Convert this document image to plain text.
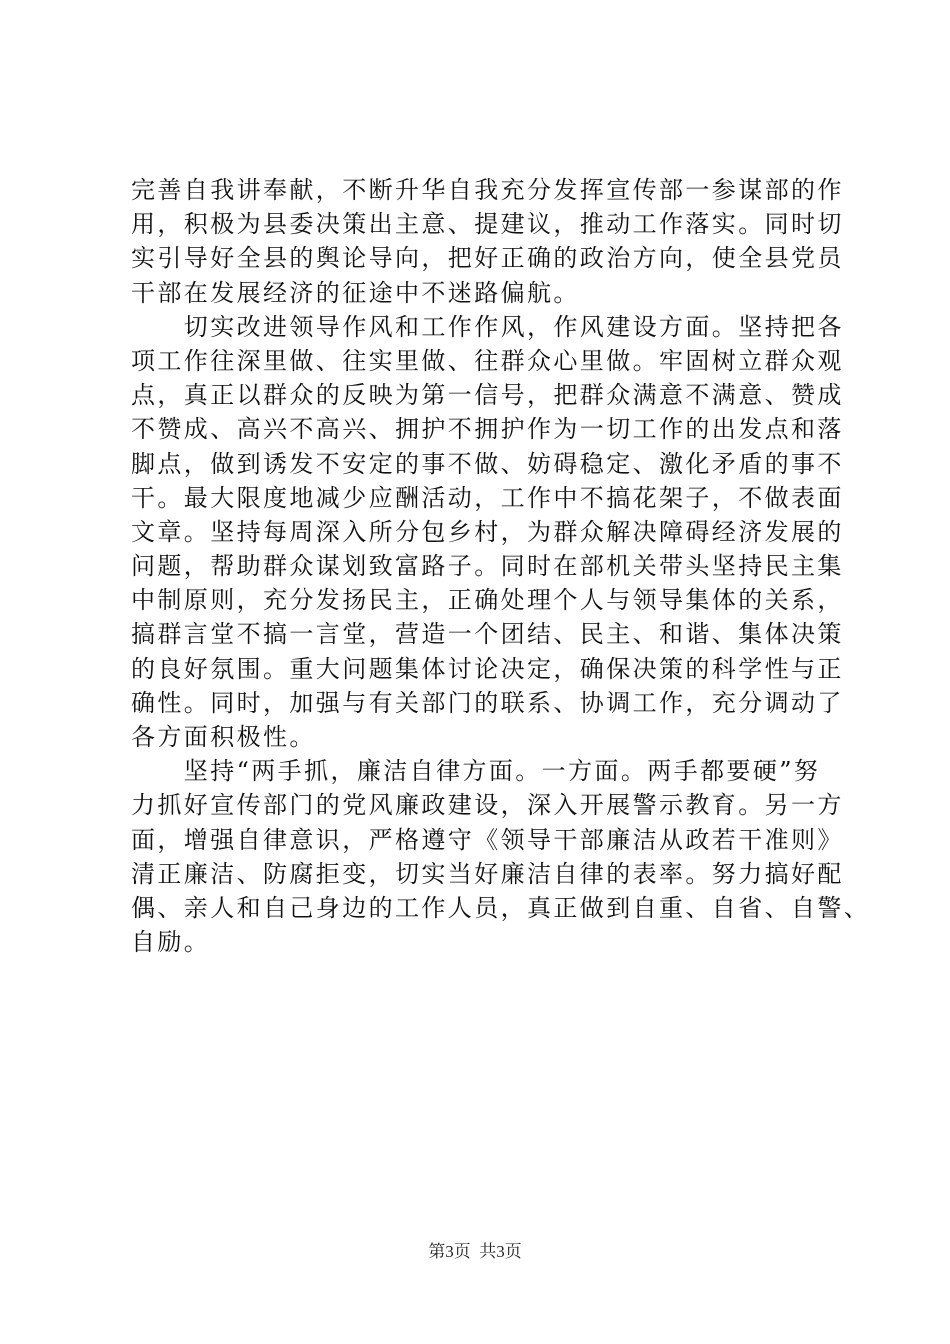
完善自我讲奉献，不断升华自我充分发挥宣传部一参谋部的作
用，积极为县委决策出主意、提建议，推动工作落实。同时切
实引导好全县的舆论导向，把好正确的政治方向，使全县党员
干部在发展经济的征途中不迷路偏航。
　　切实改进领导作风和工作作风，作风建设方面。坚持把各
项工作往深里做、往实里做、往群众心里做。牢固树立群众观
点，真正以群众的反映为第一信号，把群众满意不满意、赞成
不赞成、高兴不高兴、拥护不拥护作为一切工作的出发点和落
脚点，做到诱发不安定的事不做、妨碍稳定、激化矛盾的事不
干。最大限度地减少应酬活动，工作中不搞花架子，不做表面
文章。坚持每周深入所分包乡村，为群众解决障碍经济发展的
问题，帮助群众谋划致富路子。同时在部机关带头坚持民主集
中制原则，充分发扬民主，正确处理个人与领导集体的关系，
搞群言堂不搞一言堂，营造一个团结、民主、和谐、集体决策
的良好氛围。重大问题集体讨论决定，确保决策的科学性与正
确性。同时，加强与有关部门的联系、协调工作，充分调动了
各方面积极性。
　　坚持“两手抓，廉洁自律方面。一方面。两手都要硬”努
力抓好宣传部门的党风廉政建设，深入开展警示教育。另一方
面，增强自律意识，严格遵守《领导干部廉洁从政若干准则》
清正廉洁、防腐拒变，切实当好廉洁自律的表率。努力搞好配
偶、亲人和自己身边的工作人员，真正做到自重、自省、自警、
自励。
第3页  共3页
